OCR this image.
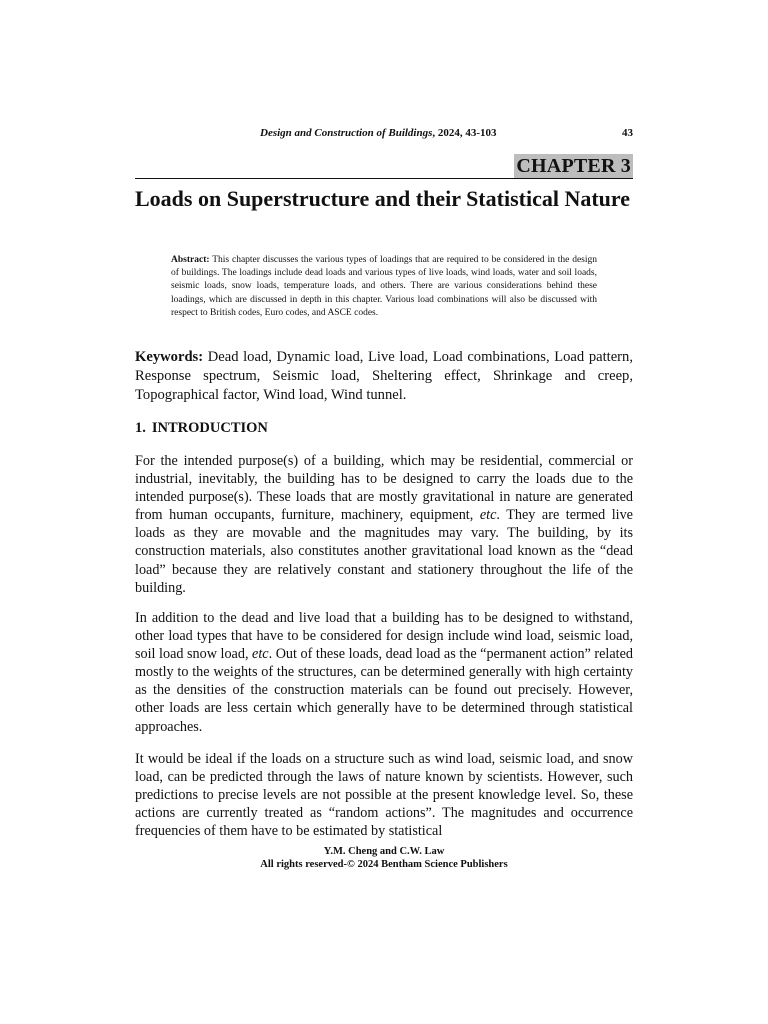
Design and Construction of Buildings, 2024, 43-103	43
CHAPTER 3
Loads on Superstructure and their Statistical Nature

Abstract: This chapter discusses the various types of loadings that are required to be considered in the design of buildings. The loadings include dead loads and various types of live loads, wind loads, water and soil loads, seismic loads, snow loads, temperature loads, and others. There are various considerations behind these loadings, which are discussed in depth in this chapter. Various load combinations will also be discussed with respect to British codes, Euro codes, and ASCE codes.

Keywords: Dead load, Dynamic load, Live load, Load combinations, Load pattern, Response spectrum, Seismic load, Sheltering effect, Shrinkage and creep, Topographical factor, Wind load, Wind tunnel.

1. INTRODUCTION

For the intended purpose(s) of a building, which may be residential, commercial or industrial, inevitably, the building has to be designed to carry the loads due to the intended purpose(s). These loads that are mostly gravitational in nature are generated from human occupants, furniture, machinery, equipment, etc. They are termed live loads as they are movable and the magnitudes may vary. The building, by its construction materials, also constitutes another gravitational load known as the “dead load” because they are relatively constant and stationery throughout the life of the building.

In addition to the dead and live load that a building has to be designed to withstand, other load types that have to be considered for design include wind load, seismic load, soil load snow load, etc. Out of these loads, dead load as the “permanent action” related mostly to the weights of the structures, can be determined generally with high certainty as the densities of the construction materials can be found out precisely. However, other loads are less certain which generally have to be determined through statistical approaches.

It would be ideal if the loads on a structure such as wind load, seismic load, and snow load, can be predicted through the laws of nature known by scientists. However, such predictions to precise levels are not possible at the present knowledge level. So, these actions are currently treated as “random actions”. The magnitudes and occurrence frequencies of them have to be estimated by statistical

Y.M. Cheng and C.W. Law
All rights reserved-© 2024 Bentham Science Publishers
